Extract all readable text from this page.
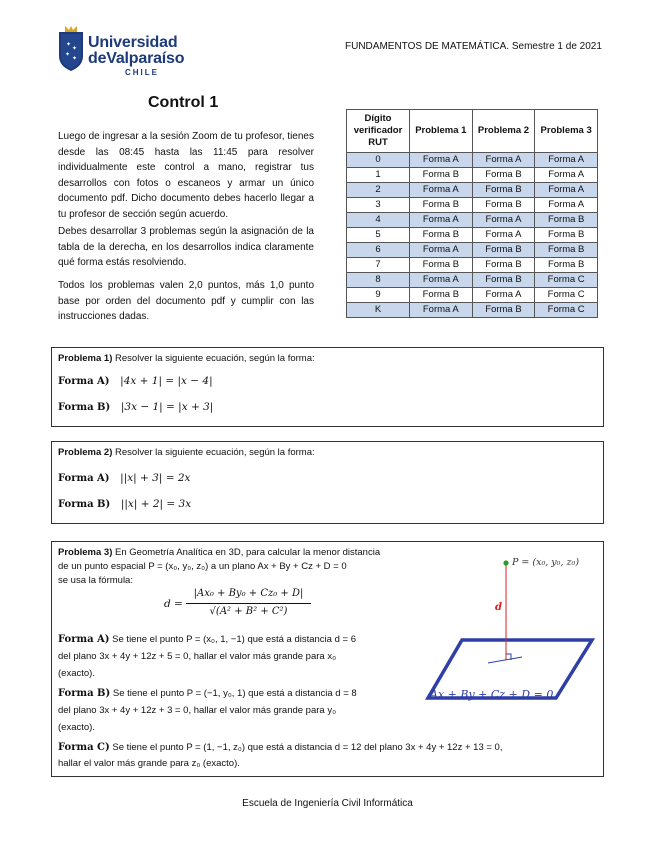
✦
✦
✦
✦
Universidad
deValparaíso
CHILE
FUNDAMENTOS DE MATEMÁTICA. Semestre 1 de 2021
Control 1
Luego de ingresar a la sesión Zoom de tu profesor, tienes desde las 08:45 hasta las 11:45 para resolver individualmente este control a mano, registrar tus desarrollos con fotos o escaneos y armar un único documento pdf. Dicho documento debes hacerlo llegar a tu profesor de sección según acuerdo.
Debes desarrollar 3 problemas según la asignación de la tabla de la derecha, en los desarrollos indica claramente qué forma estás resolviendo.
Todos los problemas valen 2,0 puntos, más 1,0 punto base por orden del documento pdf y cumplir con las instrucciones dadas.
Dígito verificador RUT	Problema 1	Problema 2	Problema 3
0	Forma A	Forma A	Forma A
1	Forma B	Forma B	Forma A
2	Forma A	Forma B	Forma A
3	Forma B	Forma B	Forma A
4	Forma A	Forma A	Forma B
5	Forma B	Forma A	Forma B
6	Forma A	Forma B	Forma B
7	Forma B	Forma B	Forma B
8	Forma A	Forma B	Forma C
9	Forma B	Forma A	Forma C
K	Forma A	Forma B	Forma C
Problema 1) Resolver la siguiente ecuación, según la forma:
Forma A) |4x + 1| = |x − 4|
Forma B) |3x − 1| = |x + 3|
Problema 2) Resolver la siguiente ecuación, según la forma:
Forma A) ||x| + 3| = 2x
Forma B) ||x| + 2| = 3x
Problema 3) En Geometría Analítica en 3D, para calcular la menor distancia
de un punto espacial P = (x₀, y₀, z₀) a un plano Ax + By + Cz + D = 0
se usa la fórmula:
d =
|Ax₀ + By₀ + Cz₀ + D|
√(A² + B² + C²)
P = (x₀, y₀, z₀)
d
Ax + By + Cz + D = 0
Forma A) Se tiene el punto P = (x₀, 1, −1) que está a distancia d = 6
del plano 3x + 4y + 12z + 5 = 0, hallar el valor más grande para x₀
(exacto).
Forma B) Se tiene el punto P = (−1, y₀, 1) que está a distancia d = 8
del plano 3x + 4y + 12z + 3 = 0, hallar el valor más grande para y₀
(exacto).
Forma C) Se tiene el punto P = (1, −1, z₀) que está a distancia d = 12 del plano 3x + 4y + 12z + 13 = 0,
hallar el valor más grande para z₀ (exacto).
Escuela de Ingeniería Civil Informática
